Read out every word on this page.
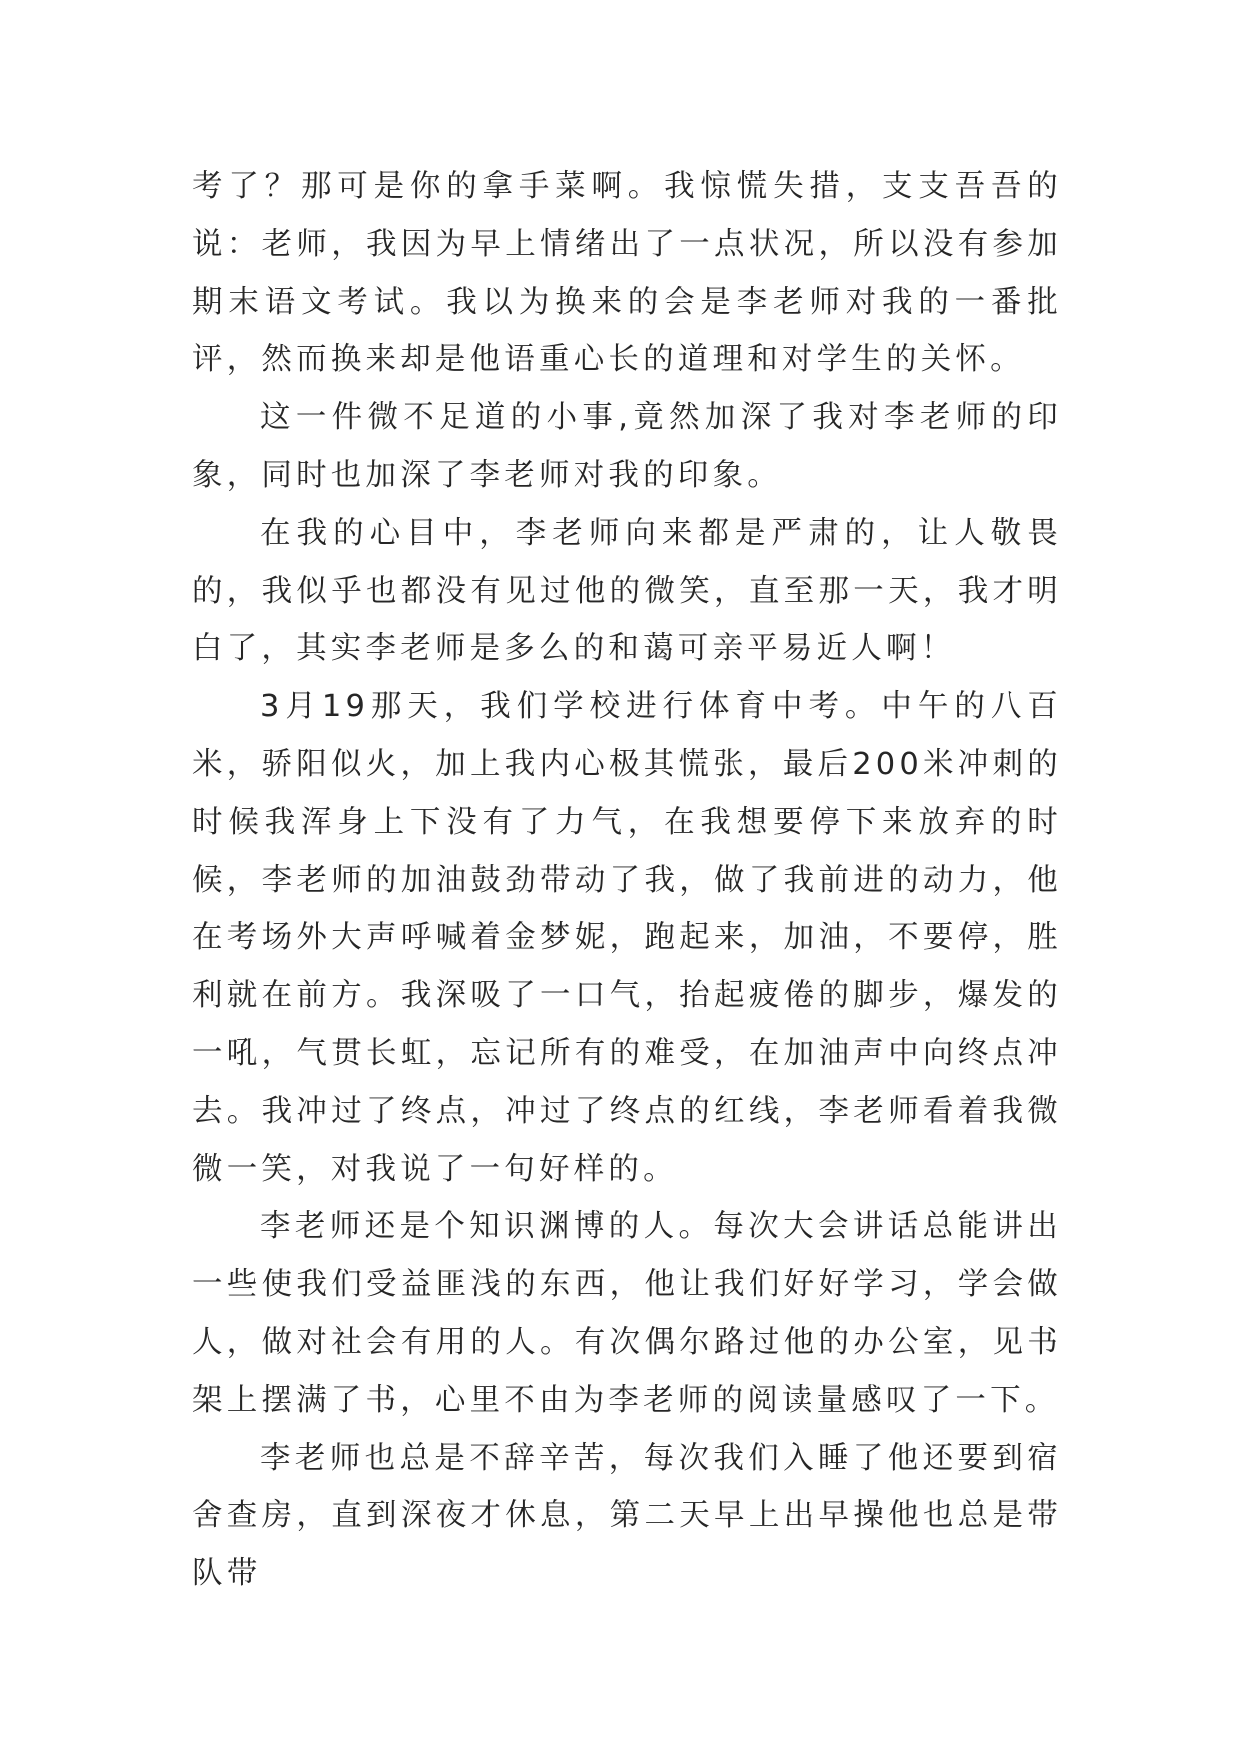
考了？那可是你的拿手菜啊。我惊慌失措，支支吾吾的说：老师，我因为早上情绪出了一点状况，所以没有参加期末语文考试。我以为换来的会是李老师对我的一番批评，然而换来却是他语重心长的道理和对学生的关怀。

这一件微不足道的小事,竟然加深了我对李老师的印象，同时也加深了李老师对我的印象。

在我的心目中，李老师向来都是严肃的，让人敬畏的，我似乎也都没有见过他的微笑，直至那一天，我才明白了，其实李老师是多么的和蔼可亲平易近人啊！

3月19那天，我们学校进行体育中考。中午的八百米，骄阳似火，加上我内心极其慌张，最后200米冲刺的时候我浑身上下没有了力气，在我想要停下来放弃的时候，李老师的加油鼓劲带动了我，做了我前进的动力，他在考场外大声呼喊着金梦妮，跑起来，加油，不要停，胜利就在前方。我深吸了一口气，抬起疲倦的脚步，爆发的一吼，气贯长虹，忘记所有的难受，在加油声中向终点冲去。我冲过了终点，冲过了终点的红线，李老师看着我微微一笑，对我说了一句好样的。

李老师还是个知识渊博的人。每次大会讲话总能讲出一些使我们受益匪浅的东西，他让我们好好学习，学会做人，做对社会有用的人。有次偶尔路过他的办公室，见书架上摆满了书，心里不由为李老师的阅读量感叹了一下。

李老师也总是不辞辛苦，每次我们入睡了他还要到宿舍查房，直到深夜才休息，第二天早上出早操他也总是带队带
